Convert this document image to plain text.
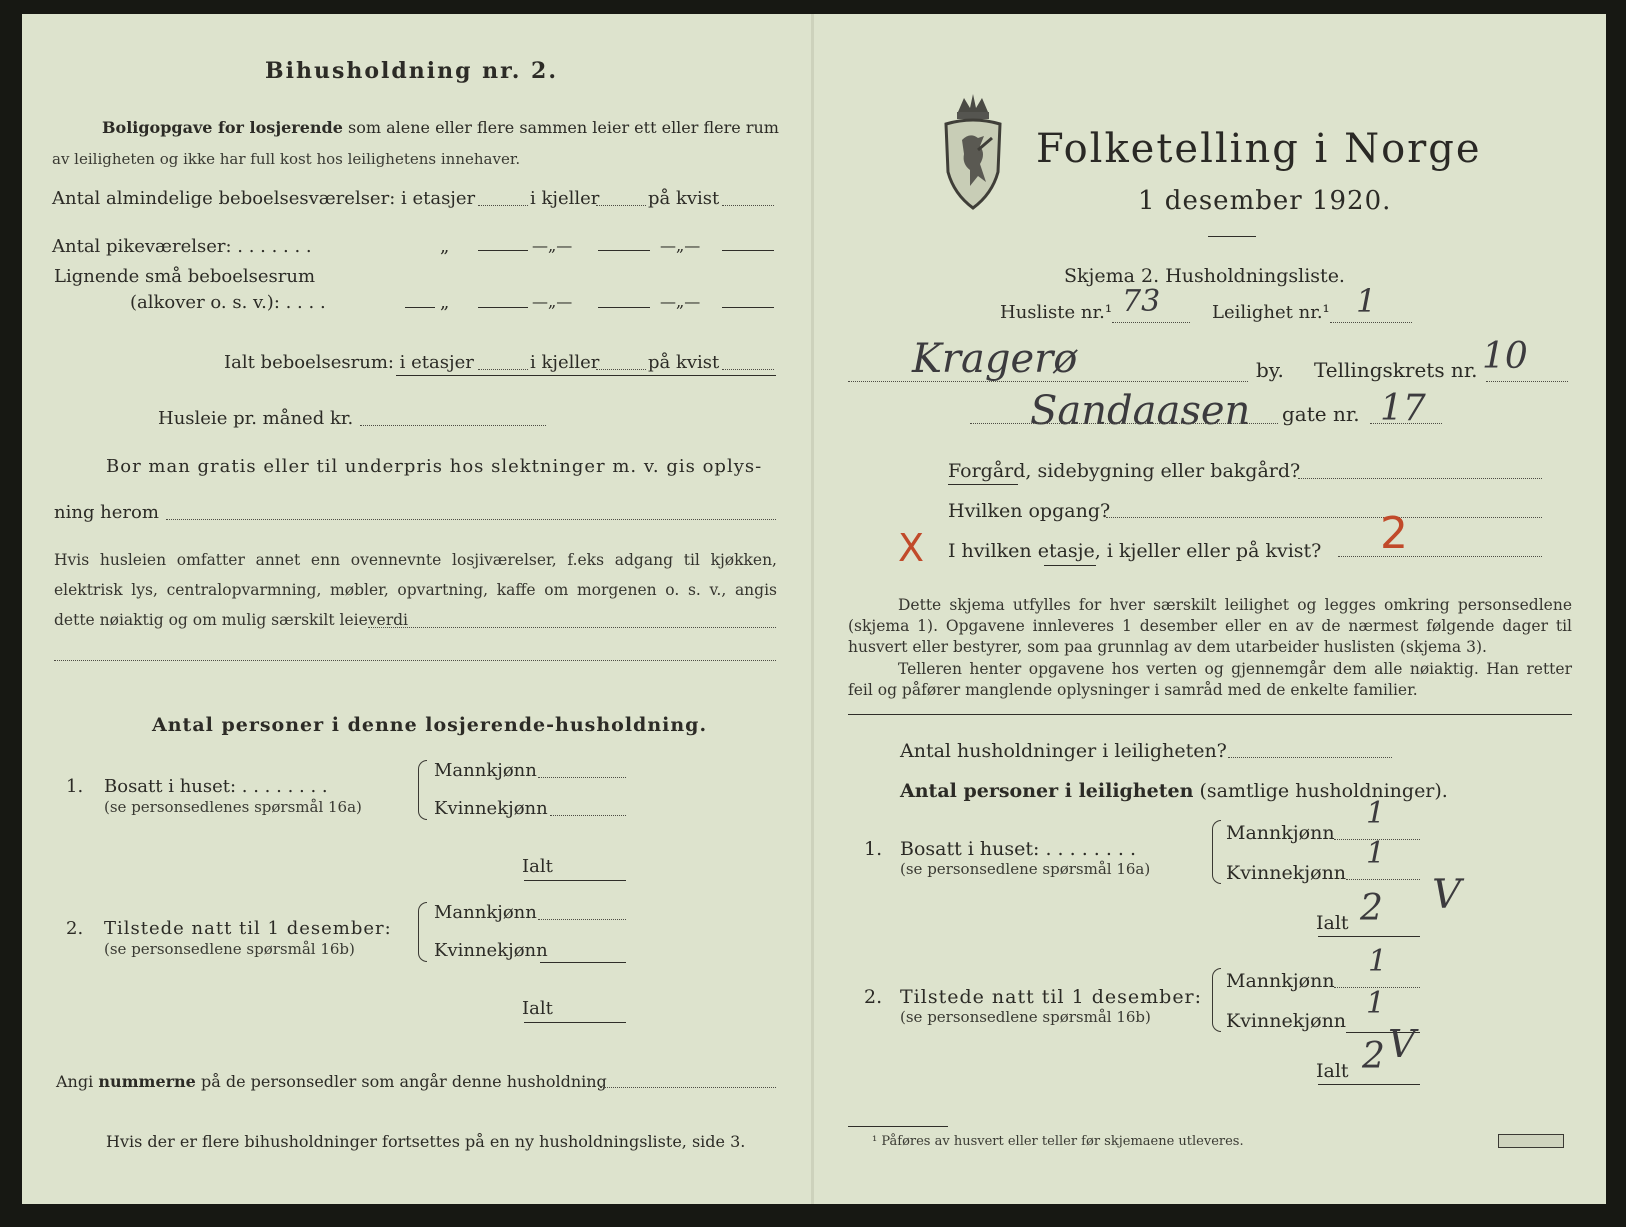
Bihusholdning nr. 2.
Boligopgave for losjerende som alene eller flere sammen leier ett eller flere rum
av leiligheten og ikke har full kost hos leilighetens innehaver.
Antal almindelige beboelsesværelser: i etasjer	i kjeller	på kvist
Antal pikeværelser: . . . . . . .	„	—„—	—„—
Lignende små beboelsesrum
(alkover o. s. v.): . . . .	„	—„—	—„—
Ialt beboelsesrum: i etasjer	i kjeller	på kvist
Husleie pr. måned kr.
Bor man gratis eller til underpris hos slektninger m. v. gis oplys-
ning herom
Hvis husleien omfatter annet enn ovennevnte losjiværelser, f.eks adgang til kjøkken, elektrisk lys, centralopvarmning, møbler, opvartning, kaffe om morgenen o. s. v., angis dette nøiaktig og om mulig særskilt leieverdi
Antal personer i denne losjerende-husholdning.
1. Bosatt i huset: . . . . . . . .
(se personsedlenes spørsmål 16a)
Mannkjønn
Kvinnekjønn
Ialt
2. Tilstede natt til 1 desember:
(se personsedlene spørsmål 16b)
Mannkjønn
Kvinnekjønn
Ialt
Angi nummerne på de personsedler som angår denne husholdning
Hvis der er flere bihusholdninger fortsettes på en ny husholdningsliste, side 3.
Folketelling i Norge
1 desember 1920.
Skjema 2. Husholdningsliste.
Husliste nr.¹ 73	Leilighet nr.¹ 1
Kragerø	by. Tellingskrets nr. 10
Sandaasen gate nr. 17
Forgård, sidebygning eller bakgård?
Hvilken opgang?
X I hvilken etasje, i kjeller eller på kvist? 2
Dette skjema utfylles for hver særskilt leilighet og legges omkring personsedlene (skjema 1). Opgavene innleveres 1 desember eller en av de nærmest følgende dager til husvert eller bestyrer, som paa grunnlag av dem utarbeider huslisten (skjema 3).
Telleren henter opgavene hos verten og gjennemgår dem alle nøiaktig. Han retter feil og påfører manglende oplysninger i samråd med de enkelte familier.
Antal husholdninger i leiligheten?
Antal personer i leiligheten (samtlige husholdninger).
1. Bosatt i huset: . . . . . . . .
(se personsedlene spørsmål 16a)
Mannkjønn
1
Kvinnekjønn
1
Ialt 2 V
2. Tilstede natt til 1 desember:
(se personsedlene spørsmål 16b)
Mannkjønn
1
Kvinnekjønn 1
Ialt 2 V
¹ Påføres av husvert eller teller før skjemaene utleveres.
